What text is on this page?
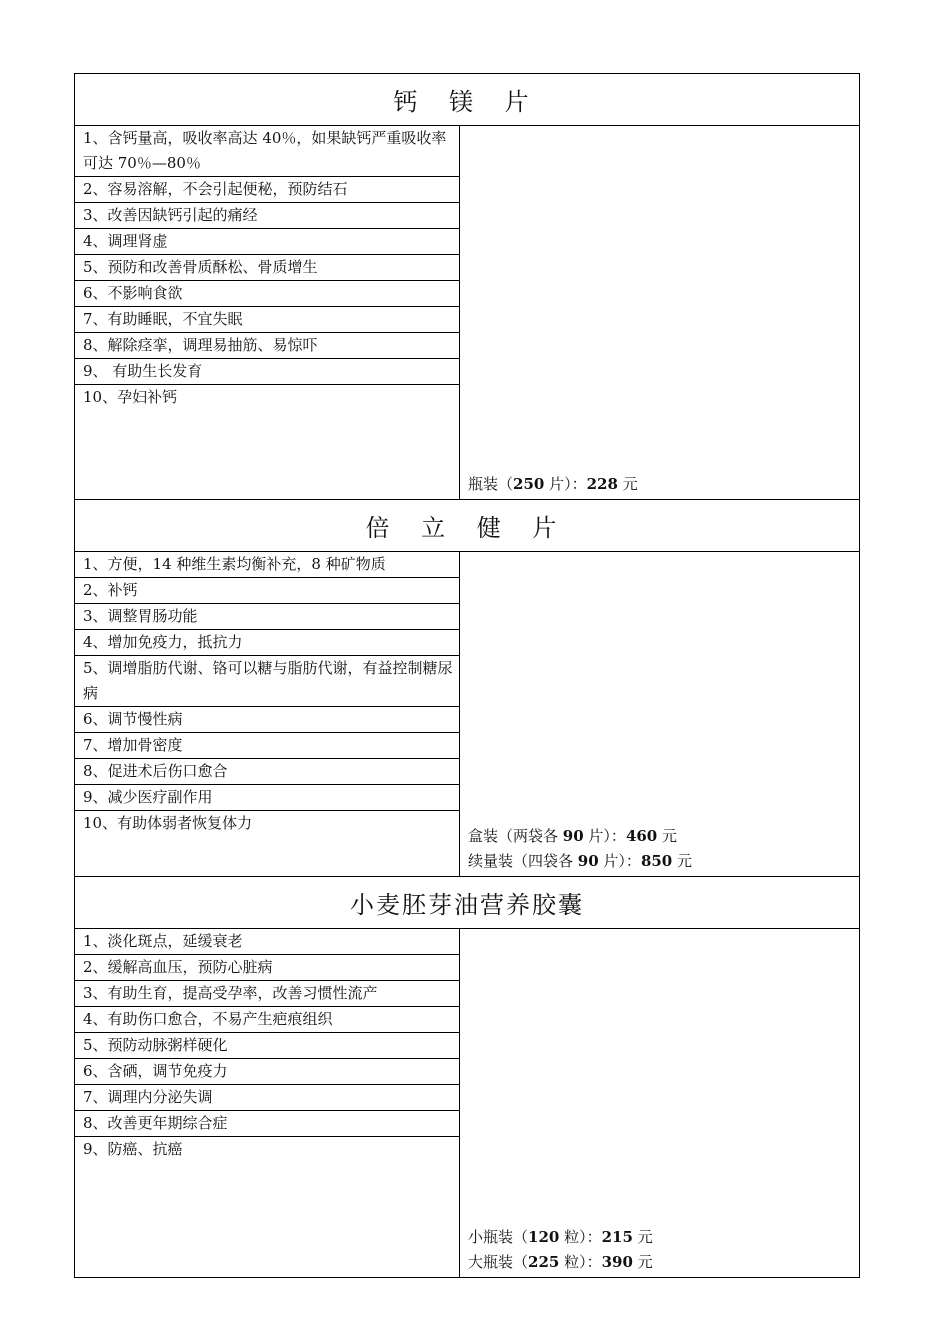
钙 镁 片
1、含钙量高，吸收率高达 40％，如果缺钙严重吸收率可达 70％—80％
2、容易溶解，不会引起便秘，预防结石
3、改善因缺钙引起的痛经
4、调理肾虚
5、预防和改善骨质酥松、骨质增生
6、不影响食欲
7、有助睡眠，不宜失眠
8、解除痉挛，调理易抽筋、易惊吓
9、 有助生长发育
10、孕妇补钙
瓶装（250 片）：228 元
倍 立 健 片
1、方便，14 种维生素均衡补充，8 种矿物质
2、补钙
3、调整胃肠功能
4、增加免疫力，抵抗力
5、调增脂肪代谢、铬可以糖与脂肪代谢，有益控制糖尿病
6、调节慢性病
7、增加骨密度
8、促进术后伤口愈合
9、减少医疗副作用
10、有助体弱者恢复体力
盒装（两袋各 90 片）：460 元
续量装（四袋各 90 片）：850 元
小麦胚芽油营养胶囊
1、淡化斑点，延缓衰老
2、缓解高血压，预防心脏病
3、有助生育，提高受孕率，改善习惯性流产
4、有助伤口愈合，不易产生疤痕组织
5、预防动脉粥样硬化
6、含硒，调节免疫力
7、调理内分泌失调
8、改善更年期综合症
9、防癌、抗癌
小瓶装（120 粒）：215 元
大瓶装（225 粒）：390 元
